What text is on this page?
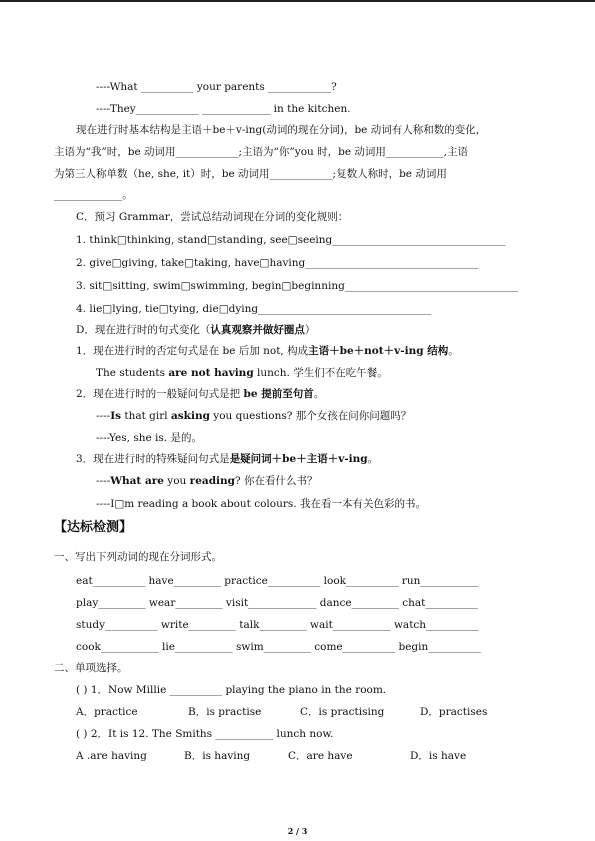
----What __________ your parents ____________?
----They____________ _____________ in the kitchen.
现在进行时基本结构是主语＋be＋v-ing(动词的现在分词)，be 动词有人称和数的变化，
主语为“我”时，be 动词用____________;主语为“你”you 时，be 动词用___________,主语
为第三人称单数（he, she, it）时，be 动词用____________;复数人称时，be 动词用
_____________。
C．预习 Grammar，尝试总结动词现在分词的变化规则：
1. think□thinking, stand□standing, see□seeing_________________________________
2. give□giving, take□taking, have□having_________________________________
3. sit□sitting, swim□swimming, begin□beginning_________________________________
4. lie□lying, tie□tying, die□dying_________________________________
D．现在进行时的句式变化（认真观察并做好圈点）
1．现在进行时的否定句式是在 be 后加 not, 构成主语＋be＋not＋v-ing 结构。
The students are not having lunch. 学生们不在吃午餐。
2．现在进行时的一般疑问句式是把 be 提前至句首。
----Is that girl asking you questions? 那个女孩在问你问题吗？
----Yes, she is. 是的。
3．现在进行时的特殊疑问句式是是疑问词＋be＋主语＋v-ing。
----What are you reading? 你在看什么书？
----I□m reading a book about colours. 我在看一本有关色彩的书。
【达标检测】
一、写出下列动词的现在分词形式。
eat__________ have_________ practice__________ look__________ run___________
play_________ wear_________ visit_____________ dance_________ chat__________
study__________ write_________ talk_________ wait___________ watch__________
cook___________ lie___________ swim_________ come__________ begin__________
二、单项选择。
( ) 1．Now Millie __________ playing the piano in the room.
A．practice	B．is practise	C．is practising	D．practises
( ) 2．It is 12. The Smiths ___________ lunch now.
A .are having	B．is having	C．are have	D．is have
2 / 3
